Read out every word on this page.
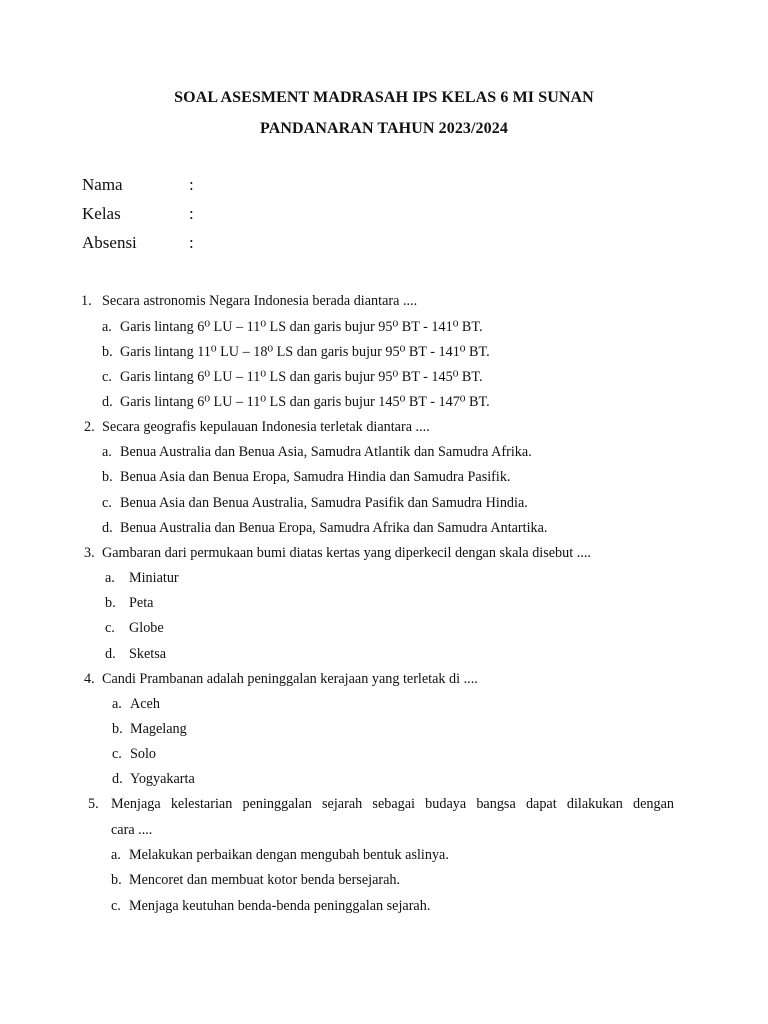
SOAL ASESMENT MADRASAH IPS KELAS 6 MI SUNAN
PANDANARAN TAHUN 2023/2024
Nama	:
Kelas	:
Absensi	:
1. Secara astronomis Negara Indonesia berada diantara ....
a. Garis lintang 6⁰ LU – 11⁰ LS dan garis bujur 95⁰ BT - 141⁰ BT.
b. Garis lintang 11⁰ LU – 18⁰ LS dan garis bujur 95⁰ BT - 141⁰ BT.
c. Garis lintang 6⁰ LU – 11⁰ LS dan garis bujur 95⁰ BT - 145⁰ BT.
d. Garis lintang 6⁰ LU – 11⁰ LS dan garis bujur 145⁰ BT - 147⁰ BT.
2. Secara geografis kepulauan Indonesia terletak diantara ....
a. Benua Australia dan Benua Asia, Samudra Atlantik dan Samudra Afrika.
b. Benua Asia dan Benua Eropa, Samudra Hindia dan Samudra Pasifik.
c. Benua Asia dan Benua Australia, Samudra Pasifik dan Samudra Hindia.
d. Benua Australia dan Benua Eropa, Samudra Afrika dan Samudra Antartika.
3. Gambaran dari permukaan bumi diatas kertas yang diperkecil dengan skala disebut ....
a. Miniatur
b. Peta
c. Globe
d. Sketsa
4. Candi Prambanan adalah peninggalan kerajaan yang terletak di ....
a. Aceh
b. Magelang
c. Solo
d. Yogyakarta
5. Menjaga kelestarian peninggalan sejarah sebagai budaya bangsa dapat dilakukan dengan
cara ....
a. Melakukan perbaikan dengan mengubah bentuk aslinya.
b. Mencoret dan membuat kotor benda bersejarah.
c. Menjaga keutuhan benda-benda peninggalan sejarah.
